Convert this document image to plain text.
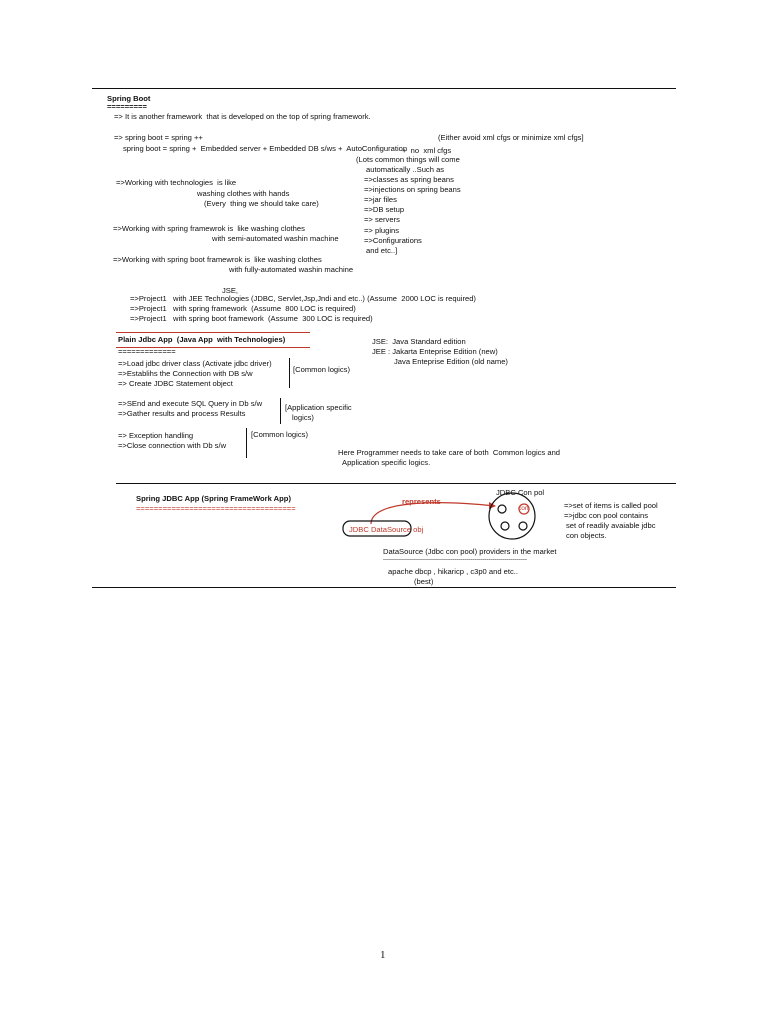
Spring Boot
=========
=> It is another framework  that is developed on the top of spring framework.
=> spring boot = spring ++	(Either avoid xml cfgs or minimize xml cfgs]
spring boot = spring +  Embedded server + Embedded DB s/ws +  AutoConfiguration
+  no  xml cfgs
(Lots common things will come
automatically ..Such as
=>classes as spring beans
=>injections on spring beans
=>jar files
=>DB setup
=> servers
=> plugins
=>Configurations
and etc..]
=>Working with technologies  is like
washing clothes with hands
(Every  thing we should take care)
=>Working with spring framewrok is  like washing clothes
with semi-automated washin machine
=>Working with spring boot framewrok is  like washing clothes
with fully-automated washin machine
JSE,
=>Project1   with JEE Technologies (JDBC, Servlet,Jsp,Jndi and etc..) (Assume  2000 LOC is required)
=>Project1   with spring framework  (Assume  800 LOC is required)
=>Project1   with spring boot framework  (Assume  300 LOC is required)
Plain Jdbc App  (Java App  with Technologies)
=============
JSE:  Java Standard edition
JEE : Jakarta Enteprise Edition (new)
Java Enteprise Edition (old name)
=>Load jdbc driver class (Activate jdbc driver)
=>Establihs the Connection with DB s/w
=> Create JDBC Statement object
[Common logics)
=>SEnd and execute SQL Query in Db s/w
=>Gather results and process Results
[Application specific
logics)
=> Exception handling
=>Close connection with Db s/w
[Common logics)
Here Programmer needs to take care of both  Common logics and
Application specific logics.
Spring JDBC App (Spring FrameWork App)
====================================
represents
JDBC DataSource obj
JDBC Con pol
con	=>set of items is called pool
=>jdbc con pool contains
set of readily avaiable jdbc
con objects.
DataSource (Jdbc con pool) providers in the market
------------------------------------------------------------------------
apache dbcp , hikaricp , c3p0 and etc..
(best)
1
